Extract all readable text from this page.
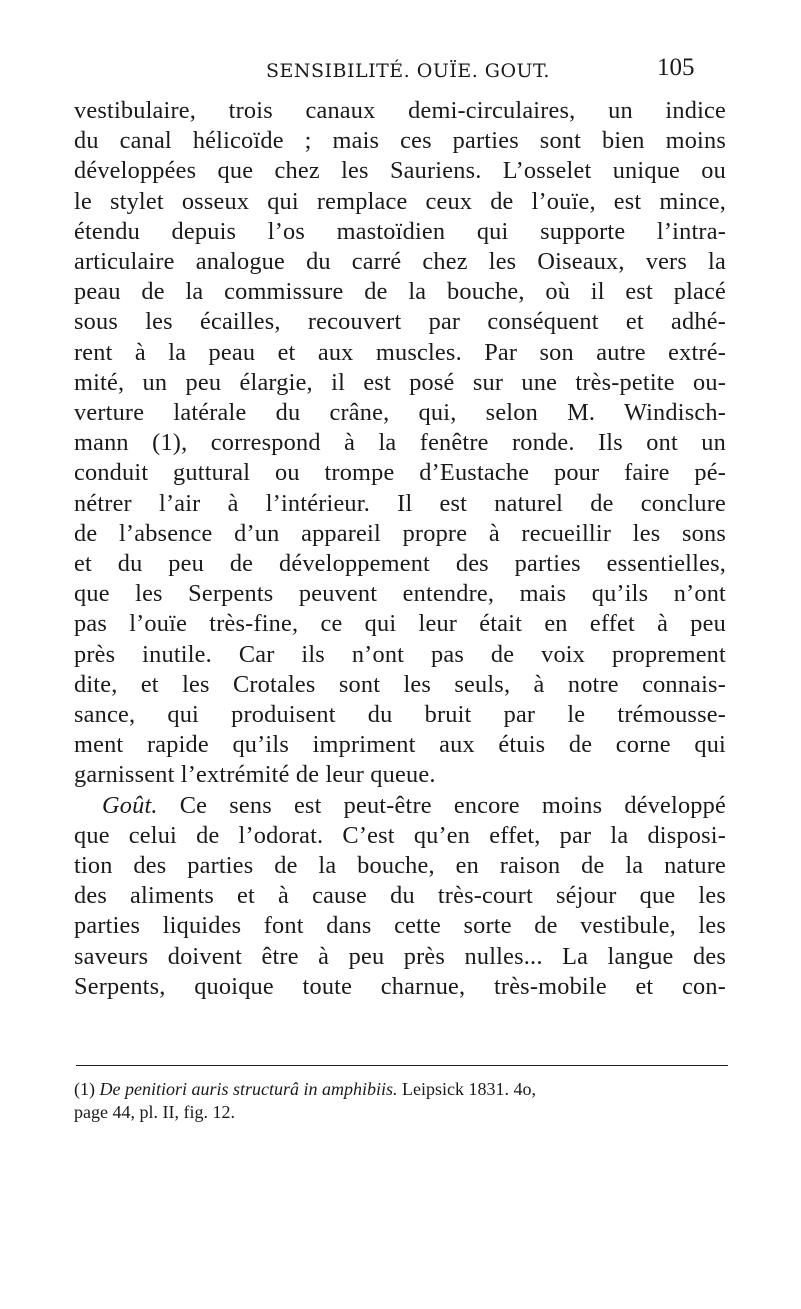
SENSIBILITÉ. OUÏE. GOUT.	105
vestibulaire, trois canaux demi-circulaires, un indice
du canal hélicoïde ; mais ces parties sont bien moins
développées que chez les Sauriens. L’osselet unique ou
le stylet osseux qui remplace ceux de l’ouïe, est mince,
étendu depuis l’os mastoïdien qui supporte l’intra-
articulaire analogue du carré chez les Oiseaux, vers la
peau de la commissure de la bouche, où il est placé
sous les écailles, recouvert par conséquent et adhé-
rent à la peau et aux muscles. Par son autre extré-
mité, un peu élargie, il est posé sur une très-petite ou-
verture latérale du crâne, qui, selon M. Windisch-
mann (1), correspond à la fenêtre ronde. Ils ont un
conduit guttural ou trompe d’Eustache pour faire pé-
nétrer l’air à l’intérieur. Il est naturel de conclure
de l’absence d’un appareil propre à recueillir les sons
et du peu de développement des parties essentielles,
que les Serpents peuvent entendre, mais qu’ils n’ont
pas l’ouïe très-fine, ce qui leur était en effet à peu
près inutile. Car ils n’ont pas de voix proprement
dite, et les Crotales sont les seuls, à notre connais-
sance, qui produisent du bruit par le trémousse-
ment rapide qu’ils impriment aux étuis de corne qui
garnissent l’extrémité de leur queue.
Goût. Ce sens est peut-être encore moins développé
que celui de l’odorat. C’est qu’en effet, par la disposi-
tion des parties de la bouche, en raison de la nature
des aliments et à cause du très-court séjour que les
parties liquides font dans cette sorte de vestibule, les
saveurs doivent être à peu près nulles... La langue des
Serpents, quoique toute charnue, très-mobile et con-
(1) De penitiori auris structurâ in amphibiis. Leipsick 1831. 4o,
page 44, pl. II, fig. 12.
